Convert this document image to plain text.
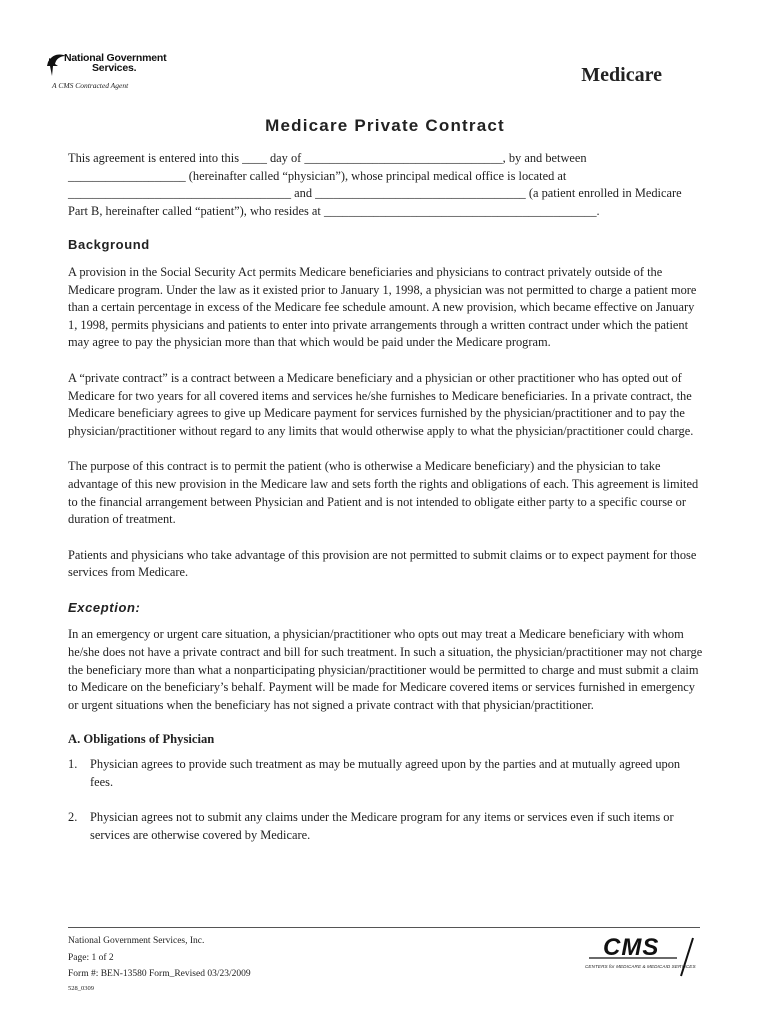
National Government
Services.
A CMS Contracted Agent	Medicare
Medicare Private Contract

This agreement is entered into this ____ day of ________________________________, by and between ___________________ (hereinafter called “physician”), whose principal medical office is located at ____________________________________ and __________________________________ (a patient enrolled in Medicare Part B, hereinafter called “patient”), who resides at ____________________________________________.

Background

A provision in the Social Security Act permits Medicare beneficiaries and physicians to contract privately outside of the Medicare program. Under the law as it existed prior to January 1, 1998, a physician was not permitted to charge a patient more than a certain percentage in excess of the Medicare fee schedule amount. A new provision, which became effective on January 1, 1998, permits physicians and patients to enter into private arrangements through a written contract under which the patient may agree to pay the physician more than that which would be paid under the Medicare program.

A “private contract” is a contract between a Medicare beneficiary and a physician or other practitioner who has opted out of Medicare for two years for all covered items and services he/she furnishes to Medicare beneficiaries. In a private contract, the Medicare beneficiary agrees to give up Medicare payment for services furnished by the physician/practitioner and to pay the physician/practitioner without regard to any limits that would otherwise apply to what the physician/practitioner could charge.

The purpose of this contract is to permit the patient (who is otherwise a Medicare beneficiary) and the physician to take advantage of this new provision in the Medicare law and sets forth the rights and obligations of each. This agreement is limited to the financial arrangement between Physician and Patient and is not intended to obligate either party to a specific course or duration of treatment.

Patients and physicians who take advantage of this provision are not permitted to submit claims or to expect payment for those services from Medicare.

Exception:

In an emergency or urgent care situation, a physician/practitioner who opts out may treat a Medicare beneficiary with whom he/she does not have a private contract and bill for such treatment. In such a situation, the physician/practitioner may not charge the beneficiary more than what a nonparticipating physician/practitioner would be permitted to charge and must submit a claim to Medicare on the beneficiary’s behalf. Payment will be made for Medicare covered items or services furnished in emergency or urgent situations when the beneficiary has not signed a private contract with that physician/practitioner.

A. Obligations of Physician
1.	Physician agrees to provide such treatment as may be mutually agreed upon by the parties and at mutually agreed upon fees.
2.	Physician agrees not to submit any claims under the Medicare program for any items or services even if such items or services are otherwise covered by Medicare.
National Government Services, Inc.
Page: 1 of 2
Form #: BEN-13580 Form_Revised 03/23/2009
528_0309
CMS
CENTERS for MEDICARE & MEDICAID SERVICES
